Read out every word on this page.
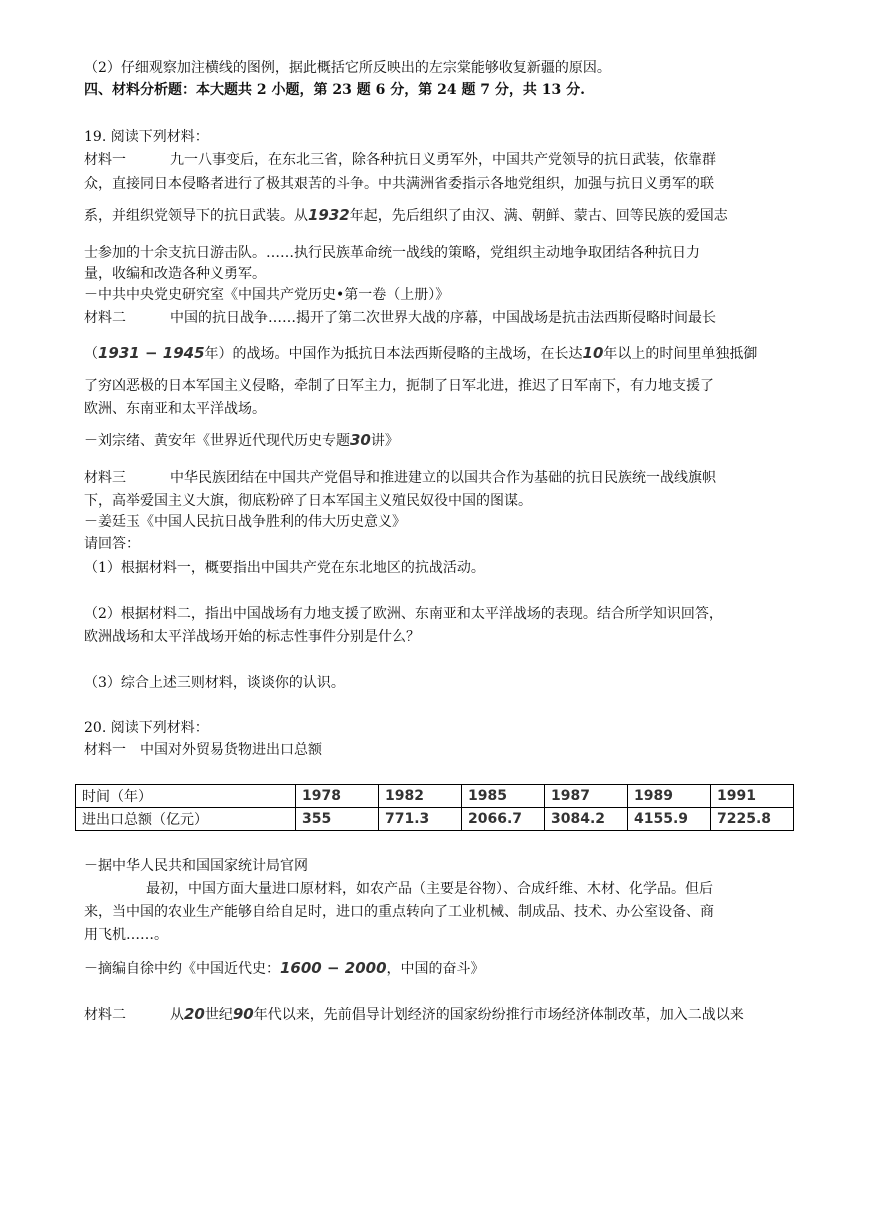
（2）仔细观察加注横线的图例，据此概括它所反映出的左宗棠能够收复新疆的原因。
四、材料分析题：本大题共 2 小题，第 23 题 6 分，第 24 题 7 分，共 13 分.
19. 阅读下列材料：
材料一	九一八事变后，在东北三省，除各种抗日义勇军外，中国共产党领导的抗日武装，依靠群
众，直接同日本侵略者进行了极其艰苦的斗争。中共满洲省委指示各地党组织，加强与抗日义勇军的联
系，并组织党领导下的抗日武装。从1932年起，先后组织了由汉、满、朝鲜、蒙古、回等民族的爱国志
士参加的十余支抗日游击队。……执行民族革命统一战线的策略，党组织主动地争取团结各种抗日力
量，收编和改造各种义勇军。
－中共中央党史研究室《中国共产党历史•第一卷（上册）》
材料二	中国的抗日战争……揭开了第二次世界大战的序幕，中国战场是抗击法西斯侵略时间最长
（1931 − 1945年）的战场。中国作为抵抗日本法西斯侵略的主战场，在长达10年以上的时间里单独抵御
了穷凶恶极的日本军国主义侵略，牵制了日军主力，扼制了日军北进，推迟了日军南下，有力地支援了
欧洲、东南亚和太平洋战场。
－刘宗绪、黄安年《世界近代现代历史专题30讲》
材料三	中华民族团结在中国共产党倡导和推进建立的以国共合作为基础的抗日民族统一战线旗帜
下，高举爱国主义大旗，彻底粉碎了日本军国主义殖民奴役中国的图谋。
－姜廷玉《中国人民抗日战争胜利的伟大历史意义》
请回答：
（1）根据材料一，概要指出中国共产党在东北地区的抗战活动。
（2）根据材料二，指出中国战场有力地支援了欧洲、东南亚和太平洋战场的表现。结合所学知识回答，
欧洲战场和太平洋战场开始的标志性事件分别是什么？
（3）综合上述三则材料，谈谈你的认识。
20. 阅读下列材料：
材料一　中国对外贸易货物进出口总额
时间（年）	1978	1982	1985	1987	1989	1991
进出口总额（亿元）	355	771.3	2066.7	3084.2	4155.9	7225.8
－据中华人民共和国国家统计局官网
最初，中国方面大量进口原材料，如农产品（主要是谷物）、合成纤维、木材、化学品。但后
来，当中国的农业生产能够自给自足时，进口的重点转向了工业机械、制成品、技术、办公室设备、商
用飞机……。
－摘编自徐中约《中国近代史：1600 − 2000，中国的奋斗》
材料二	从20世纪90年代以来，先前倡导计划经济的国家纷纷推行市场经济体制改革，加入二战以来
